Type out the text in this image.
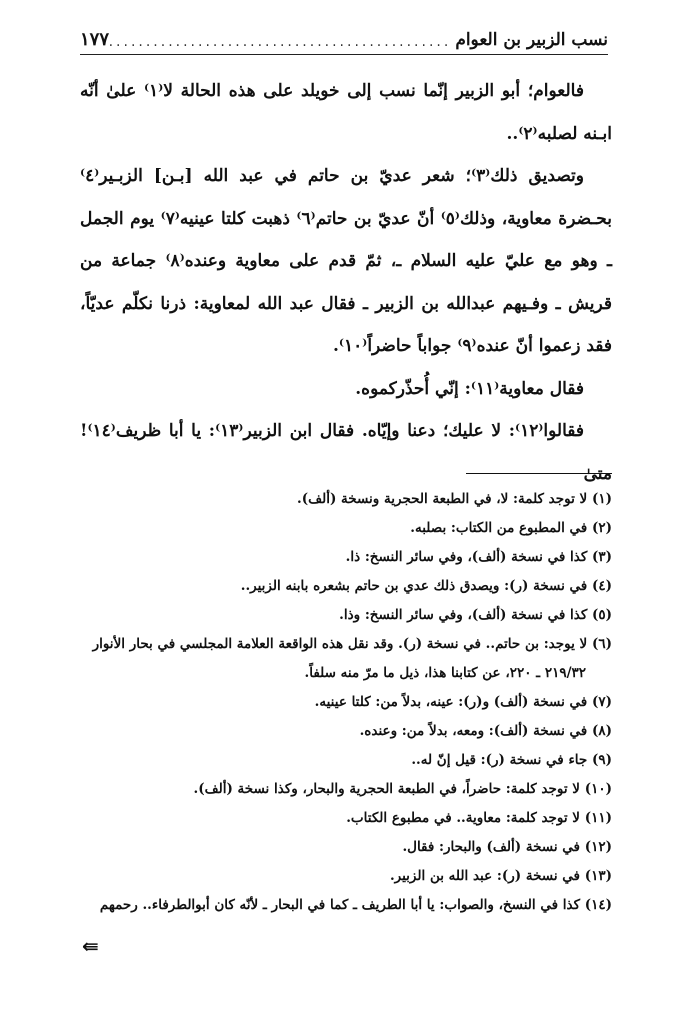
نسب الزبير بن العوام
..............................................
١٧٧

فالعوام؛ أبو الزبير إنّما نسب إلى خويلد على هذه الحالة لا⁽١⁾ علىٰ أنّه ابـنه لصلبه⁽٢⁾..

وتصديق ذلك⁽٣⁾؛ شعر عديّ بن حاتم في عبد الله [بـن] الزبـير⁽٤⁾ بحـضرة معاوية، وذلك⁽٥⁾ أنّ عديّ بن حاتم⁽٦⁾ ذهبت كلتا عينيه⁽٧⁾ يوم الجمل ـ وهو مع عليّ عليه السلام ـ، ثمّ قدم على معاوية وعنده⁽٨⁾ جماعة من قريش ـ وفـيهم عبدالله بن الزبير ـ فقال عبد الله لمعاوية: ذرنا نكلّم عديّاً، فقد زعموا أنّ عنده⁽٩⁾ جواباً حاضراً⁽١٠⁾.

فقال معاوية⁽١١⁾: إنّي أُحذّركموه.

فقالوا⁽١٢⁾: لا عليك؛ دعنا وإيّاه. فقال ابن الزبير⁽١٣⁾: يا أبا ظريف⁽١٤⁾! متىٰ

(١) لا توجد كلمة: لا، في الطبعة الحجرية ونسخة (ألف).

(٢) في المطبوع من الكتاب: بصلبه.

(٣) كذا في نسخة (ألف)، وفي سائر النسخ: ذا.

(٤) في نسخة (ر): ويصدق ذلك عدي بن حاتم بشعره بابنه الزبير..

(٥) كذا في نسخة (ألف)، وفي سائر النسخ: وذا.

(٦) لا يوجد: بن حاتم.. في نسخة (ر). وقد نقل هذه الواقعة العلامة المجلسي في بحار الأنوار

٢١٩/٣٢ ـ ٢٢٠، عن كتابنا هذا، ذيل ما مرّ منه سلفاً.

(٧) في نسخة (ألف) و(ر): عينه، بدلاً من: كلتا عينيه.

(٨) في نسخة (ألف): ومعه، بدلاً من: وعنده.

(٩) جاء في نسخة (ر): قيل إنّ له..

(١٠) لا توجد كلمة: حاضراً، في الطبعة الحجرية والبحار، وكذا نسخة (ألف).

(١١) لا توجد كلمة: معاوية.. في مطبوع الكتاب.

(١٢) في نسخة (ألف) والبحار: فقال.

(١٣) في نسخة (ر): عبد الله بن الزبير.

(١٤) كذا في النسخ، والصواب: يا أبا الطريف ـ كما في البحار ـ لأنّه كان أبوالطرفاء.. رحمهم

⇚
